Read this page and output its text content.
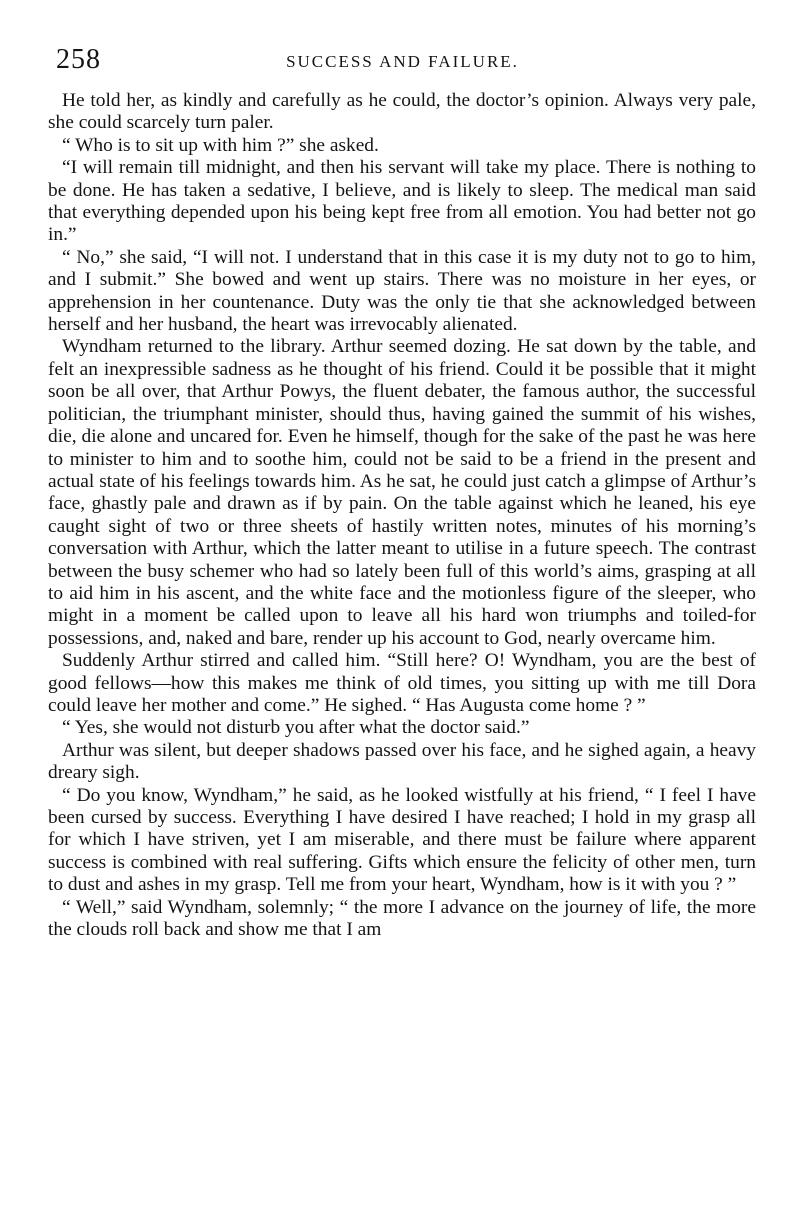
258	SUCCESS AND FAILURE.

He told her, as kindly and carefully as he could, the doctor’s opinion. Always very pale, she could scarcely turn paler.

“ Who is to sit up with him ?” she asked.

“I will remain till midnight, and then his servant will take my place. There is nothing to be done. He has taken a sedative, I believe, and is likely to sleep. The medical man said that everything depended upon his being kept free from all emotion. You had better not go in.”

“ No,” she said, “I will not. I understand that in this case it is my duty not to go to him, and I submit.” She bowed and went up stairs. There was no moisture in her eyes, or apprehension in her countenance. Duty was the only tie that she acknowledged between herself and her husband, the heart was irrevocably alienated.

Wyndham returned to the library. Arthur seemed dozing. He sat down by the table, and felt an inexpressible sadness as he thought of his friend. Could it be possible that it might soon be all over, that Arthur Powys, the fluent debater, the famous author, the successful politician, the triumphant minister, should thus, having gained the summit of his wishes, die, die alone and uncared for. Even he himself, though for the sake of the past he was here to minister to him and to soothe him, could not be said to be a friend in the present and actual state of his feelings towards him. As he sat, he could just catch a glimpse of Arthur’s face, ghastly pale and drawn as if by pain. On the table against which he leaned, his eye caught sight of two or three sheets of hastily written notes, minutes of his morning’s conversation with Arthur, which the latter meant to utilise in a future speech. The contrast between the busy schemer who had so lately been full of this world’s aims, grasping at all to aid him in his ascent, and the white face and the motionless figure of the sleeper, who might in a moment be called upon to leave all his hard won triumphs and toiled-for possessions, and, naked and bare, render up his account to God, nearly overcame him.

Suddenly Arthur stirred and called him. “Still here? O! Wyndham, you are the best of good fellows—how this makes me think of old times, you sitting up with me till Dora could leave her mother and come.” He sighed. “ Has Augusta come home ? ”

“ Yes, she would not disturb you after what the doctor said.”

Arthur was silent, but deeper shadows passed over his face, and he sighed again, a heavy dreary sigh.

“ Do you know, Wyndham,” he said, as he looked wistfully at his friend, “ I feel I have been cursed by success. Everything I have desired I have reached; I hold in my grasp all for which I have striven, yet I am miserable, and there must be failure where apparent success is combined with real suffering. Gifts which ensure the felicity of other men, turn to dust and ashes in my grasp. Tell me from your heart, Wyndham, how is it with you ? ”

“ Well,” said Wyndham, solemnly; “ the more I advance on the journey of life, the more the clouds roll back and show me that I am
